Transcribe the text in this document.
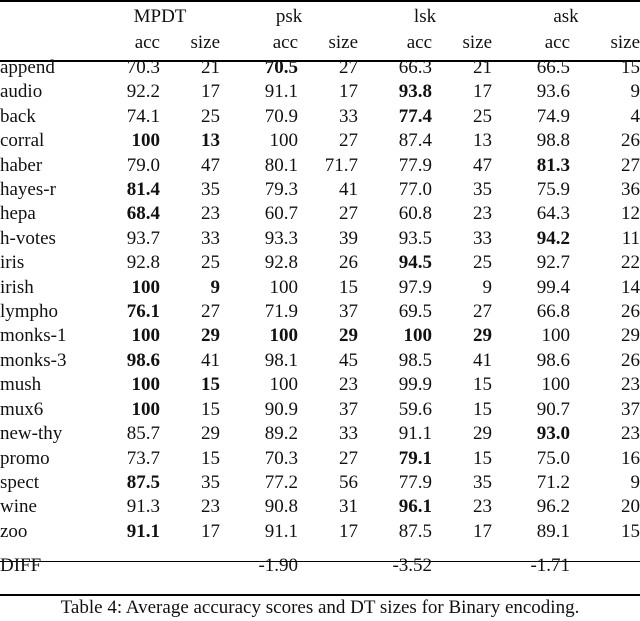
	MPDT		psk		lsk		ask	
	acc	size	acc	size	acc	size	acc	size
append	70.3	21	70.5	27	66.3	21	66.5	15
audio	92.2	17	91.1	17	93.8	17	93.6	9
back	74.1	25	70.9	33	77.4	25	74.9	4
corral	100	13	100	27	87.4	13	98.8	26
haber	79.0	47	80.1	71.7	77.9	47	81.3	27
hayes-r	81.4	35	79.3	41	77.0	35	75.9	36
hepa	68.4	23	60.7	27	60.8	23	64.3	12
h-votes	93.7	33	93.3	39	93.5	33	94.2	11
iris	92.8	25	92.8	26	94.5	25	92.7	22
irish	100	9	100	15	97.9	9	99.4	14
lympho	76.1	27	71.9	37	69.5	27	66.8	26
monks-1	100	29	100	29	100	29	100	29
monks-3	98.6	41	98.1	45	98.5	41	98.6	26
mush	100	15	100	23	99.9	15	100	23
mux6	100	15	90.9	37	59.6	15	90.7	37
new-thy	85.7	29	89.2	33	91.1	29	93.0	23
promo	73.7	15	70.3	27	79.1	15	75.0	16
spect	87.5	35	77.2	56	77.9	35	71.2	9
wine	91.3	23	90.8	31	96.1	23	96.2	20
zoo	91.1	17	91.1	17	87.5	17	89.1	15

DIFF			-1.90		-3.52		-1.71	
Table 4: Average accuracy scores and DT sizes for Binary encoding.
